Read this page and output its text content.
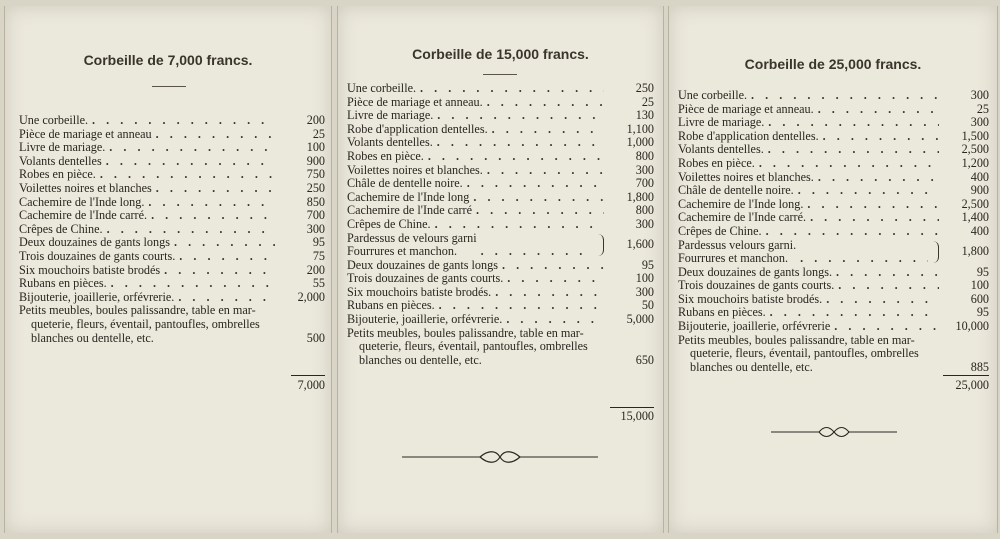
Corbeille de 7,000 francs.
Une corbeille. . . .	200
Pièce de mariage et anneau . . .	25
Livre de mariage. . . .	100
Volants dentelles . . .	900
Robes en pièce. . . .	750
Voilettes noires et blanches . . .	250
Cachemire de l'Inde long. . . .	850
Cachemire de l'Inde carré. . . .	700
Crêpes de Chine. . . .	300
Deux douzaines de gants longs . . .	95
Trois douzaines de gants courts. . . .	75
Six mouchoirs batiste brodés . . .	200
Rubans en pièces. . . .	55
Bijouterie, joaillerie, orfévrerie. . . .	2,000
Petits meubles, boules palissandre, table en mar-
queterie, fleurs, éventail, pantoufles, ombrelles
blanches ou dentelle, etc.	500
7,000
Corbeille de 15,000 francs.
Une corbeille. . . .	250
Pièce de mariage et anneau. . . .	25
Livre de mariage. . . .	130
Robe d'application dentelles. . . .	1,100
Volants dentelles. . . .	1,000
Robes en pièce. . . .	800
Voilettes noires et blanches. . . .	300
Châle de dentelle noire. . . .	700
Cachemire de l'Inde long . . .	1,800
Cachemire de l'Inde carré . . .	800
Crêpes de Chine. . . .	300
Pardessus de velours garni
Fourrures et manchon.
. . .	1,600
Deux douzaines de gants longs . . .	95
Trois douzaines de gants courts. . . .	100
Six mouchoirs batiste brodés. . . .	300
Rubans en pièces. . . .	50
Bijouterie, joaillerie, orfévrerie. . . .	5,000
Petits meubles, boules palissandre, table en mar-
queterie, fleurs, éventail, pantoufles, ombrelles
blanches ou dentelle, etc.	650
15,000
Corbeille de 25,000 francs.
Une corbeille. . . .	300
Pièce de mariage et anneau. . . .	25
Livre de mariage. . . .	300
Robe d'application dentelles. . . .	1,500
Volants dentelles. . . .	2,500
Robes en pièce. . . .	1,200
Voilettes noires et blanches. . . .	400
Châle de dentelle noire. . . .	900
Cachemire de l'Inde long. . . .	2,500
Cachemire de l'Inde carré. . . .	1,400
Crêpes de Chine. . . .	400
Pardessus velours garni.
Fourrures et manchon.
. . .	1,800
Deux douzaines de gants longs. . . .	95
Trois douzaines de gants courts. . . .	100
Six mouchoirs batiste brodés. . . .	600
Rubans en pièces. . . .	95
Bijouterie, joaillerie, orfévrerie . . .	10,000
Petits meubles, boules palissandre, table en mar-
queterie, fleurs, éventail, pantoufles, ombrelles
blanches ou dentelle, etc.	885
25,000
